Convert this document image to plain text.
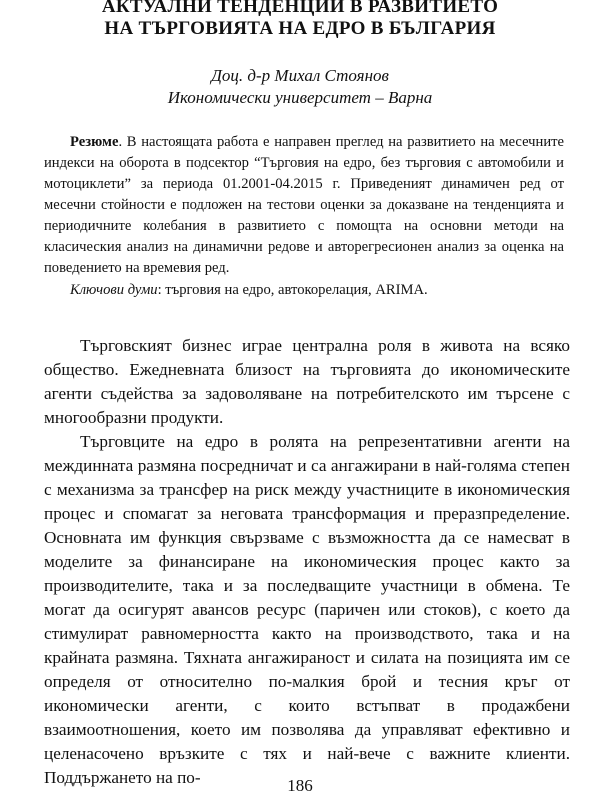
АКТУАЛНИ ТЕНДЕНЦИИ В РАЗВИТИЕТО
НА ТЪРГОВИЯТА НА ЕДРО В БЪЛГАРИЯ
Доц. д-р Михал Стоянов
Икономически университет – Варна

Резюме. В настоящата работа е направен преглед на развитието на месечните индекси на оборота в подсектор “Търговия на едро, без търговия с автомобили и мотоциклети” за периода 01.2001-04.2015 г. Приведеният динамичен ред от месечни стойности е подложен на тестови оценки за доказване на тенденцията и периодичните колебания в развитието с помощта на основни методи на класическия анализ на динамични редове и авторегресионен анализ за оценка на поведението на времевия ред.

Ключови думи: търговия на едро, автокорелация, ARIMA.

Търговският бизнес играе централна роля в живота на всяко общество. Ежедневната близост на търговията до икономическите агенти съдейства за задоволяване на потребителското им търсене с многообразни продукти.

Търговците на едро в ролята на репрезентативни агенти на междинната размяна посредничат и са ангажирани в най-голяма степен с механизма за трансфер на риск между участниците в икономическия процес и спомагат за неговата трансформация и преразпределение. Основната им функция свързваме с възможността да се намесват в моделите за финансиране на икономическия процес както за производителите, така и за последващите участници в обмена. Те могат да осигурят авансов ресурс (паричен или стоков), с което да стимулират равномерността както на производството, така и на крайната размяна. Тяхната ангажираност и силата на позицията им се определя от относително по-малкия брой и тесния кръг от икономически агенти, с които встъпват в продажбени взаимоотношения, което им позволява да управляват ефективно и целенасочено връзките с тях и най-вече с важните клиенти. Поддържането на по-	186
